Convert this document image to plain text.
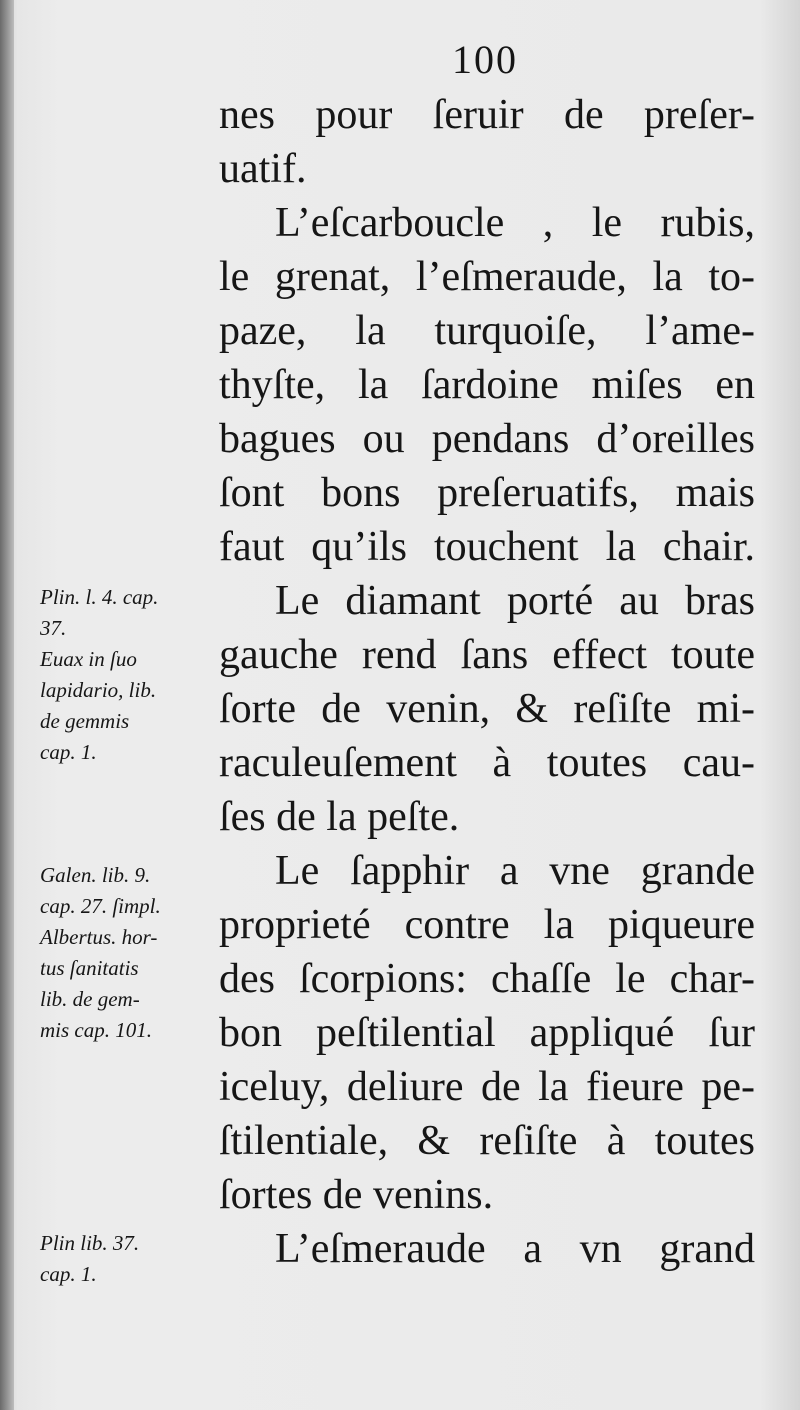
100
nes pour ſeruir de preſer-
uatif.
L’eſcarboucle , le rubis,
le grenat, l’eſmeraude, la to-
paze, la turquoiſe, l’ame-
thyſte, la ſardoine miſes en
bagues ou pendans d’oreilles
ſont bons preſeruatifs, mais
faut qu’ils touchent la chair.
Le diamant porté au bras
gauche rend ſans effect toute
ſorte de venin, & reſiſte mi-
raculeuſement à toutes cau-
ſes de la peſte.
Le ſapphir a vne grande
proprieté contre la piqueure
des ſcorpions: chaſſe le char-
bon peſtilential appliqué ſur
iceluy, deliure de la fieure pe-
ſtilentiale, & reſiſte à toutes
ſortes de venins.
L’eſmeraude a vn grand
Plin. l. 4. cap.
37.
Euax in ſuo
lapidario, lib.
de gemmis
cap. 1.
Galen. lib. 9.
cap. 27. ſimpl.
Albertus. hor-
tus ſanitatis
lib. de gem-
mis cap. 101.
Plin lib. 37.
cap. 1.
